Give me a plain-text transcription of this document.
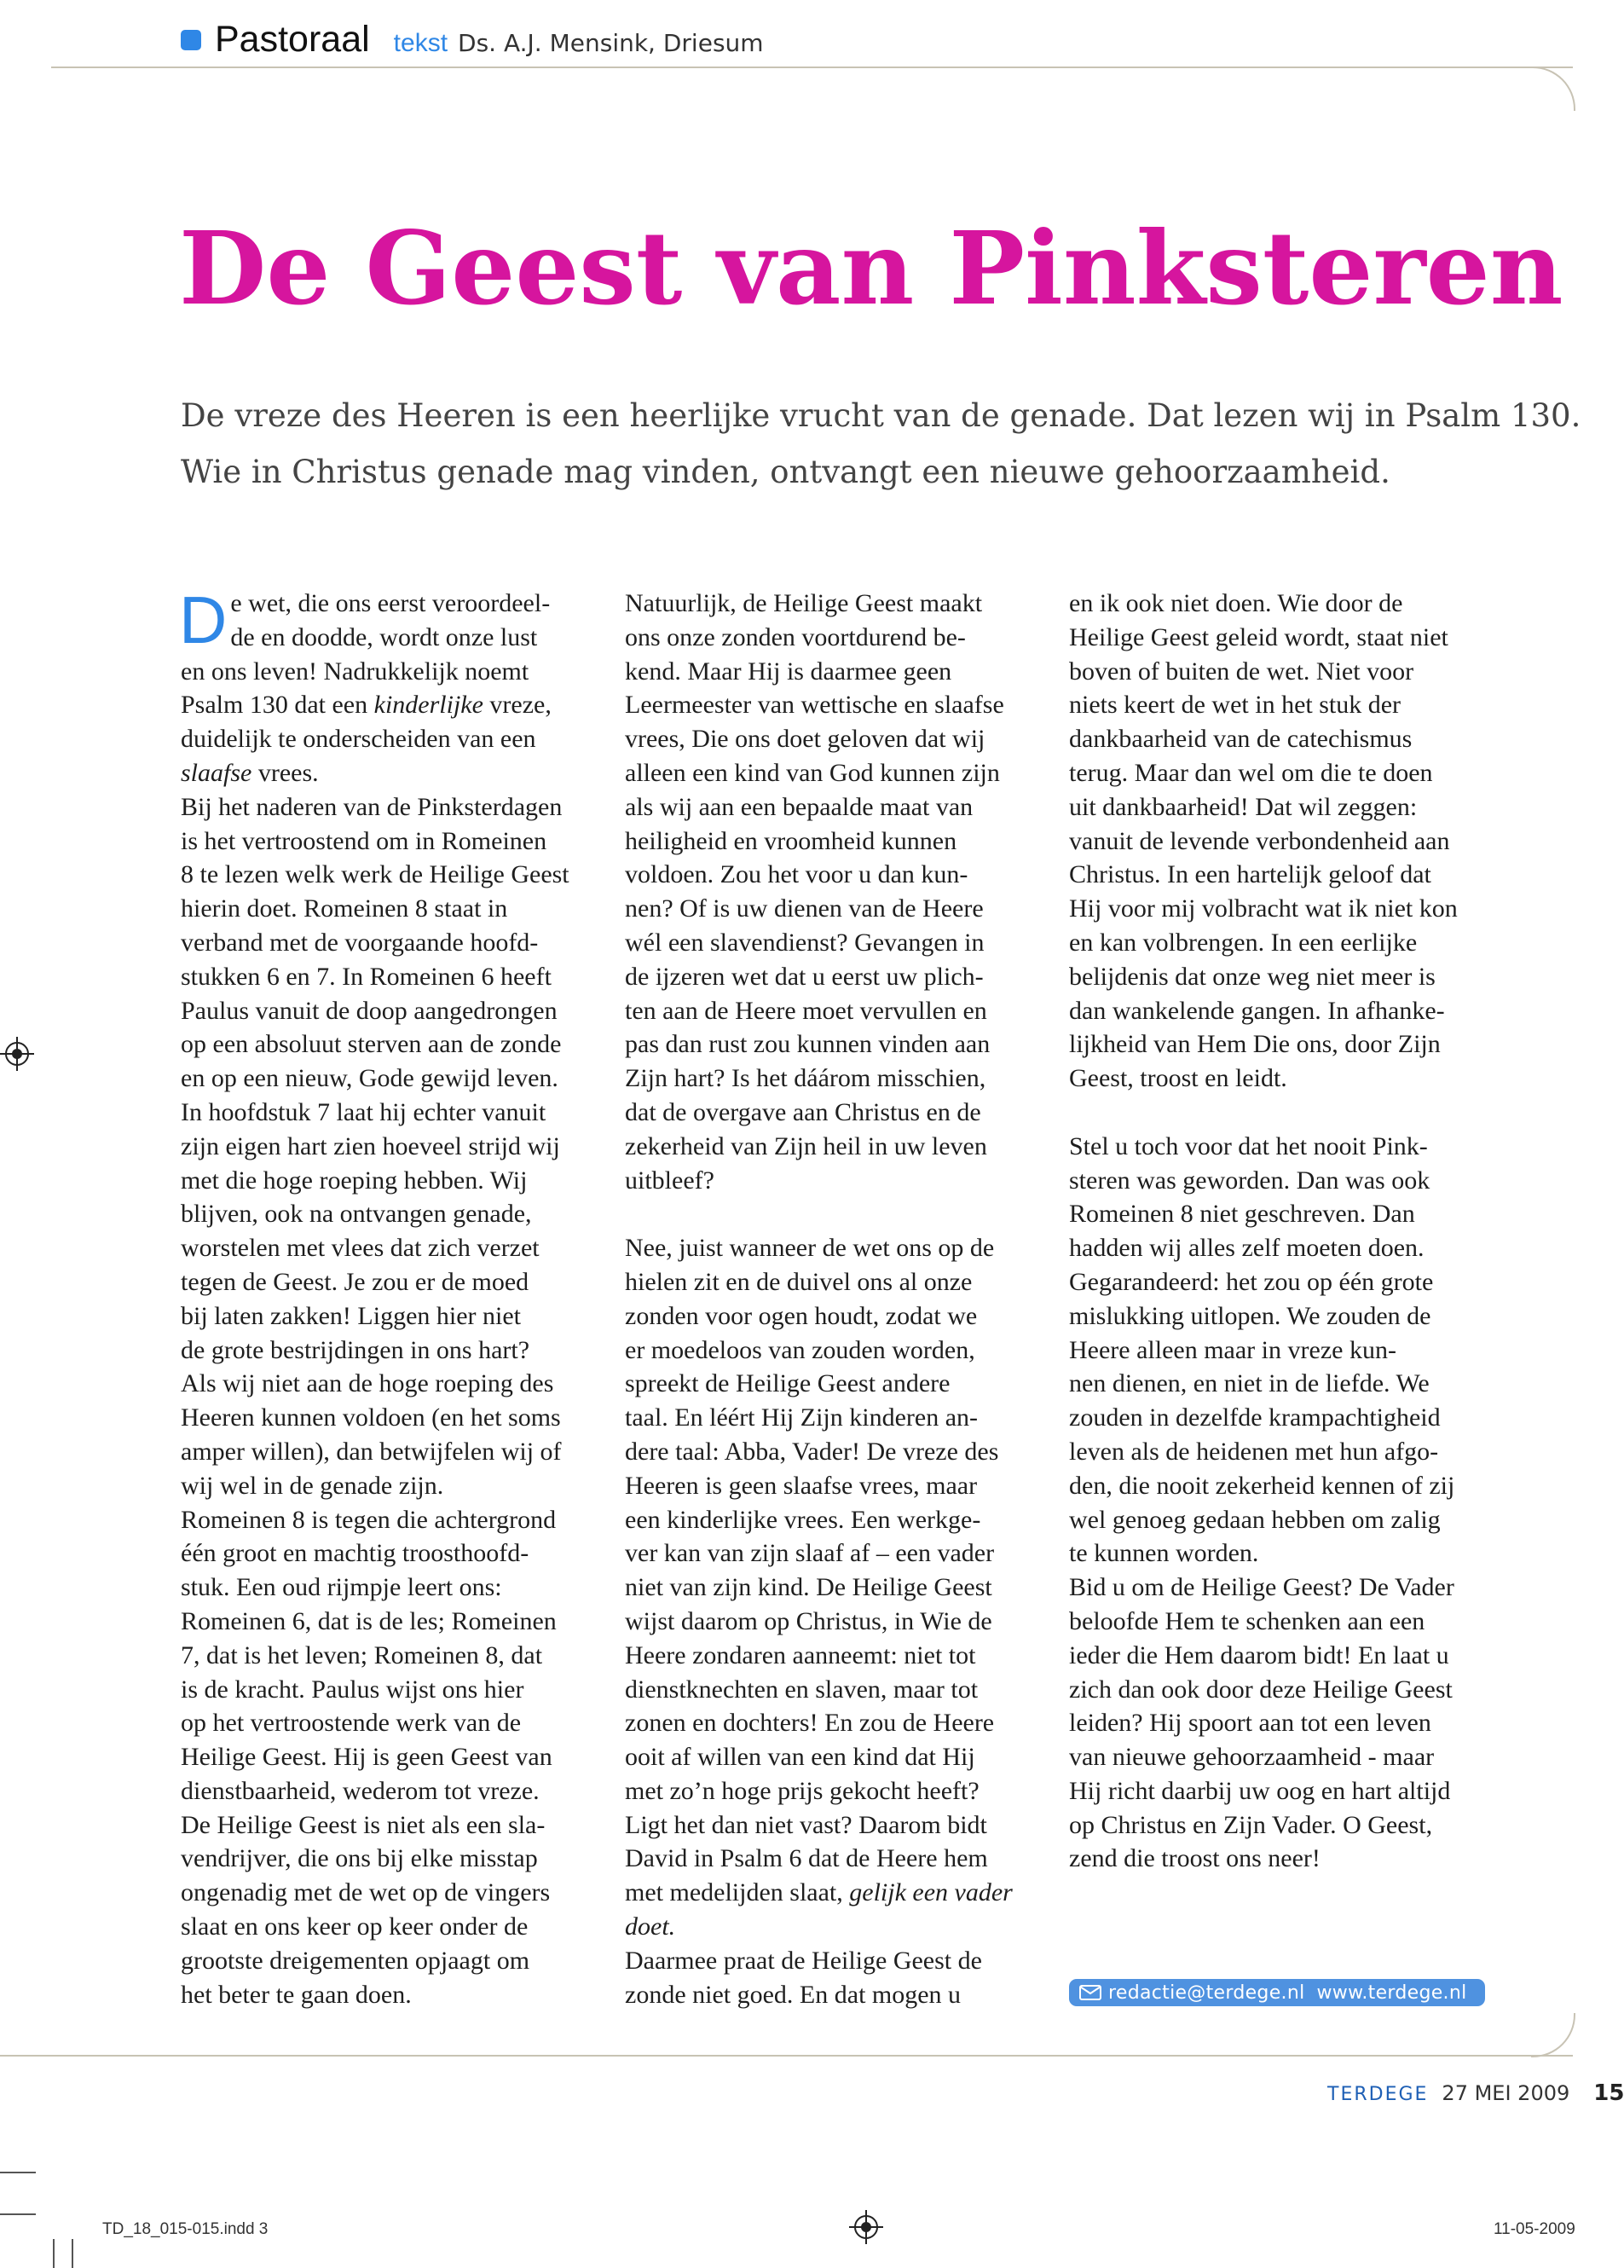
Pastoraal tekst Ds. A.J. Mensink, Driesum
De Geest van Pinksteren

De vreze des Heeren is een heerlijke vrucht van de genade. Dat lezen wij in Psalm 130.

Wie in Christus genade mag vinden, ontvangt een nieuwe gehoorzaamheid.

D e wet, die ons eerst veroordeel-

de en doodde, wordt onze lust

en ons leven! Nadrukkelijk noemt

Psalm 130 dat een kinderlijke vreze,

duidelijk te onderscheiden van een

slaafse vrees.

Bij het naderen van de Pinksterdagen

is het vertroostend om in Romeinen

8 te lezen welk werk de Heilige Geest

hierin doet. Romeinen 8 staat in

verband met de voorgaande hoofd-

stukken 6 en 7. In Romeinen 6 heeft

Paulus vanuit de doop aangedrongen

op een absoluut sterven aan de zonde

en op een nieuw, Gode gewijd leven.

In hoofdstuk 7 laat hij echter vanuit

zijn eigen hart zien hoeveel strijd wij

met die hoge roeping hebben. Wij

blijven, ook na ontvangen genade,

worstelen met vlees dat zich verzet

tegen de Geest. Je zou er de moed

bij laten zakken! Liggen hier niet

de grote bestrijdingen in ons hart?

Als wij niet aan de hoge roeping des

Heeren kunnen voldoen (en het soms

amper willen), dan betwijfelen wij of

wij wel in de genade zijn.

Romeinen 8 is tegen die achtergrond

één groot en machtig troosthoofd-

stuk. Een oud rijmpje leert ons:

Romeinen 6, dat is de les; Romeinen

7, dat is het leven; Romeinen 8, dat

is de kracht. Paulus wijst ons hier

op het vertroostende werk van de

Heilige Geest. Hij is geen Geest van

dienstbaarheid, wederom tot vreze.

De Heilige Geest is niet als een sla-

vendrijver, die ons bij elke misstap

ongenadig met de wet op de vingers

slaat en ons keer op keer onder de

grootste dreigementen opjaagt om

het beter te gaan doen.

Natuurlijk, de Heilige Geest maakt

ons onze zonden voortdurend be-

kend. Maar Hij is daarmee geen

Leermeester van wettische en slaafse

vrees, Die ons doet geloven dat wij

alleen een kind van God kunnen zijn

als wij aan een bepaalde maat van

heiligheid en vroomheid kunnen

voldoen. Zou het voor u dan kun-

nen? Of is uw dienen van de Heere

wél een slavendienst? Gevangen in

de ijzeren wet dat u eerst uw plich-

ten aan de Heere moet vervullen en

pas dan rust zou kunnen vinden aan

Zijn hart? Is het dáárom misschien,

dat de overgave aan Christus en de

zekerheid van Zijn heil in uw leven

uitbleef?

Nee, juist wanneer de wet ons op de

hielen zit en de duivel ons al onze

zonden voor ogen houdt, zodat we

er moedeloos van zouden worden,

spreekt de Heilige Geest andere

taal. En léért Hij Zijn kinderen an-

dere taal: Abba, Vader! De vreze des

Heeren is geen slaafse vrees, maar

een kinderlijke vrees. Een werkge-

ver kan van zijn slaaf af – een vader

niet van zijn kind. De Heilige Geest

wijst daarom op Christus, in Wie de

Heere zondaren aanneemt: niet tot

dienstknechten en slaven, maar tot

zonen en dochters! En zou de Heere

ooit af willen van een kind dat Hij

met zo’n hoge prijs gekocht heeft?

Ligt het dan niet vast? Daarom bidt

David in Psalm 6 dat de Heere hem

met medelijden slaat, gelijk een vader

doet.

Daarmee praat de Heilige Geest de

zonde niet goed. En dat mogen u

en ik ook niet doen. Wie door de

Heilige Geest geleid wordt, staat niet

boven of buiten de wet. Niet voor

niets keert de wet in het stuk der

dankbaarheid van de catechismus

terug. Maar dan wel om die te doen

uit dankbaarheid! Dat wil zeggen:

vanuit de levende verbondenheid aan

Christus. In een hartelijk geloof dat

Hij voor mij volbracht wat ik niet kon

en kan volbrengen. In een eerlijke

belijdenis dat onze weg niet meer is

dan wankelende gangen. In afhanke-

lijkheid van Hem Die ons, door Zijn

Geest, troost en leidt.

Stel u toch voor dat het nooit Pink-

steren was geworden. Dan was ook

Romeinen 8 niet geschreven. Dan

hadden wij alles zelf moeten doen.

Gegarandeerd: het zou op één grote

mislukking uitlopen. We zouden de

Heere alleen maar in vreze kun-

nen dienen, en niet in de liefde. We

zouden in dezelfde krampachtigheid

leven als de heidenen met hun afgo-

den, die nooit zekerheid kennen of zij

wel genoeg gedaan hebben om zalig

te kunnen worden.

Bid u om de Heilige Geest? De Vader

beloofde Hem te schenken aan een

ieder die Hem daarom bidt! En laat u

zich dan ook door deze Heilige Geest

leiden? Hij spoort aan tot een leven

van nieuwe gehoorzaamheid - maar

Hij richt daarbij uw oog en hart altijd

op Christus en Zijn Vader. O Geest,

zend die troost ons neer!

redactie@terdege.nl www.terdege.nl
TERDEGE 27 MEI 2009 15
TD_18_015-015.indd 3	11-05-2009
